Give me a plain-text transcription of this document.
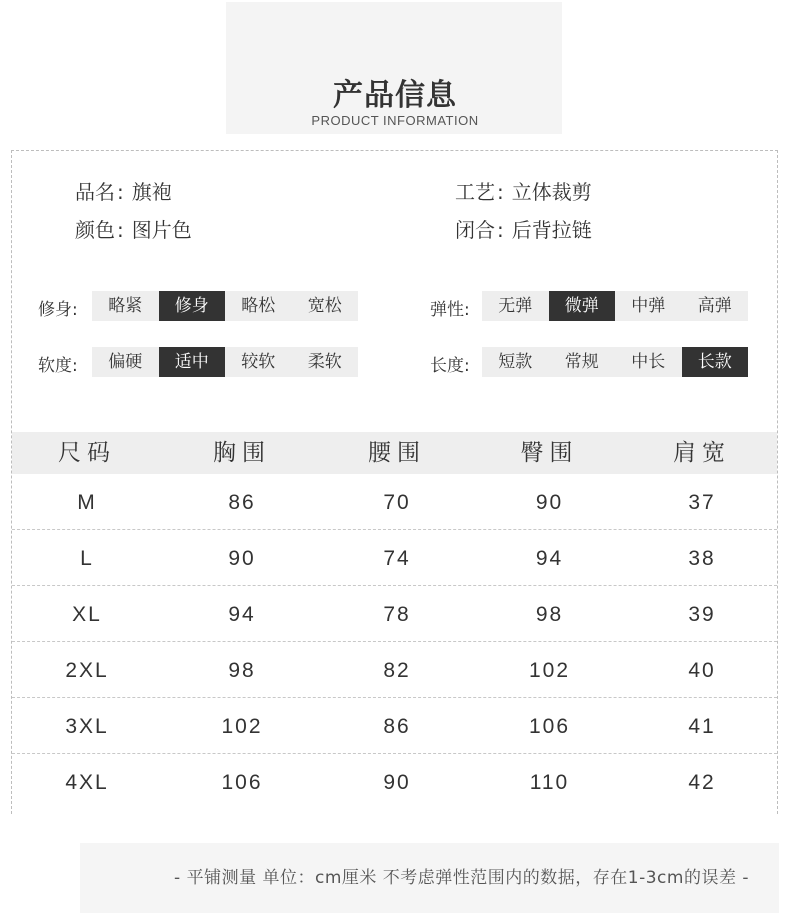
产品信息
PRODUCT INFORMATION
品名 : 旗袍
颜色 : 图片色
工艺 : 立体裁剪
闭合 : 后背拉链
修身:	略紧	修身	略松	宽松	弹性:	无弹	微弹	中弹	高弹
软度:	偏硬	适中	较软	柔软	长度:	短款	常规	中长	长款
尺码	胸围	腰围	臀围	肩宽
M	86	70	90	37
L	90	74	94	38
XL	94	78	98	39
2XL	98	82	102	40
3XL	102	86	106	41
4XL	106	90	110	42
- 平铺测量 单位：cm厘米 不考虑弹性范围内的数据，存在1-3cm的误差 -
